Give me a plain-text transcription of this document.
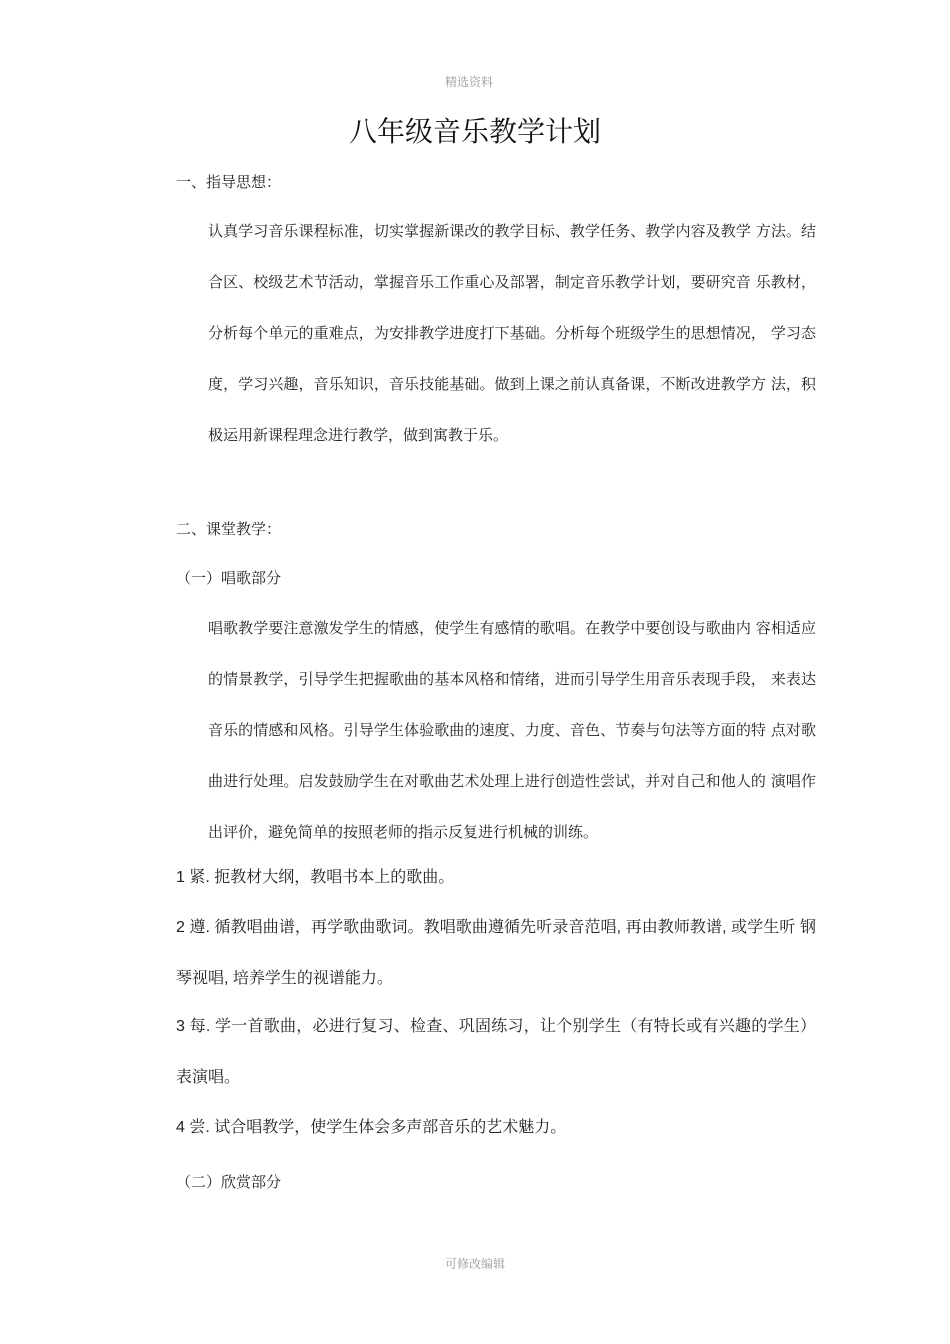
精选资料
八年级音乐教学计划
一、指导思想：
认真学习音乐课程标准，切实掌握新课改的教学目标、教学任务、教学内容及教学 方法。结合区、校级艺术节活动，掌握音乐工作重心及部署，制定音乐教学计划，要研究音 乐教材，分析每个单元的重难点，为安排教学进度打下基础。分析每个班级学生的思想情况， 学习态度，学习兴趣，音乐知识，音乐技能基础。做到上课之前认真备课，不断改进教学方 法，积极运用新课程理念进行教学，做到寓教于乐。
二、课堂教学：
（一）唱歌部分
唱歌教学要注意激发学生的情感，使学生有感情的歌唱。在教学中要创设与歌曲内 容相适应的情景教学，引导学生把握歌曲的基本风格和情绪，进而引导学生用音乐表现手段， 来表达音乐的情感和风格。引导学生体验歌曲的速度、力度、音色、节奏与句法等方面的特 点对歌曲进行处理。启发鼓励学生在对歌曲艺术处理上进行创造性尝试，并对自己和他人的 演唱作出评价，避免简单的按照老师的指示反复进行机械的训练。
1 紧. 扼教材大纲，教唱书本上的歌曲。
2 遵. 循教唱曲谱，再学歌曲歌词。教唱歌曲遵循先听录音范唱, 再由教师教谱, 或学生听 钢琴视唱, 培养学生的视谱能力。
3 每. 学一首歌曲，必进行复习、检查、巩固练习，让个别学生（有特长或有兴趣的学生）表演唱。
4 尝. 试合唱教学，使学生体会多声部音乐的艺术魅力。
（二）欣赏部分
可修改编辑
